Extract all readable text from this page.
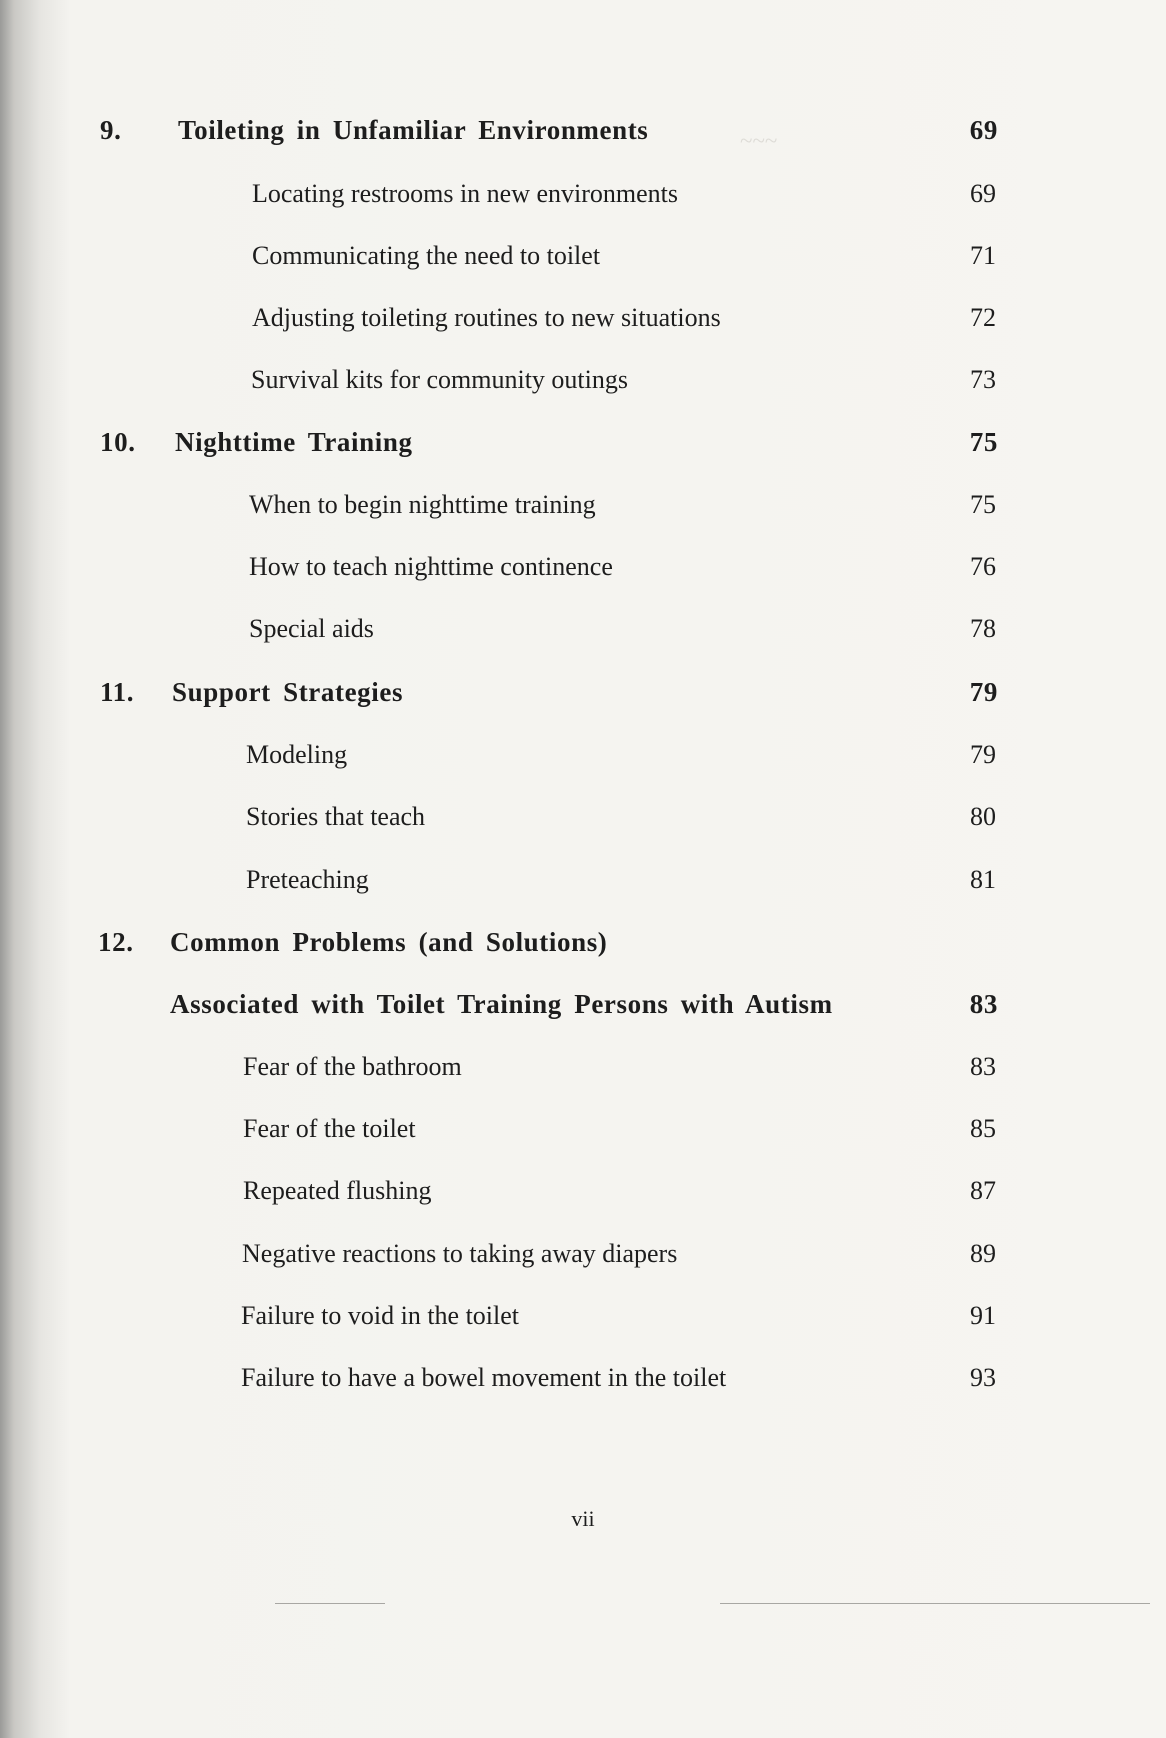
~~~
9. Toileting in Unfamiliar Environments	69
Locating restrooms in new environments	69
Communicating the need to toilet	71
Adjusting toileting routines to new situations	72
Survival kits for community outings	73
10. Nighttime Training	75
When to begin nighttime training	75
How to teach nighttime continence	76
Special aids	78
11. Support Strategies	79
Modeling	79
Stories that teach	80
Preteaching	81
12. Common Problems (and Solutions)
Associated with Toilet Training Persons with Autism	83
Fear of the bathroom	83
Fear of the toilet	85
Repeated flushing	87
Negative reactions to taking away diapers	89
Failure to void in the toilet	91
Failure to have a bowel movement in the toilet	93
vii
